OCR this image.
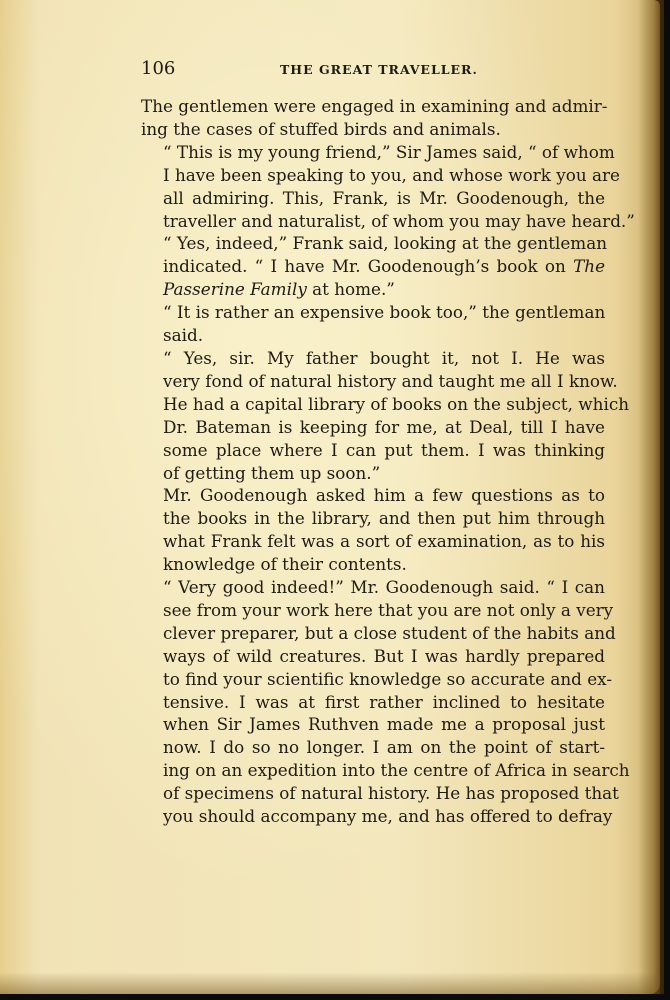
106	THE GREAT TRAVELLER.

The gentlemen were engaged in examining and admir-
ing the cases of stuffed birds and animals.

“ This is my young friend,” Sir James said, “ of whom
I have been speaking to you, and whose work you are
all admiring. This, Frank, is Mr. Goodenough, the
traveller and naturalist, of whom you may have heard.”

“ Yes, indeed,” Frank said, looking at the gentleman
indicated. “ I have Mr. Goodenough’s book on The
Passerine Family at home.”

“ It is rather an expensive book too,” the gentleman
said.

“ Yes, sir. My father bought it, not I. He was
very fond of natural history and taught me all I know.
He had a capital library of books on the subject, which
Dr. Bateman is keeping for me, at Deal, till I have
some place where I can put them. I was thinking
of getting them up soon.”

Mr. Goodenough asked him a few questions as to
the books in the library, and then put him through
what Frank felt was a sort of examination, as to his
knowledge of their contents.

“ Very good indeed!” Mr. Goodenough said. “ I can
see from your work here that you are not only a very
clever preparer, but a close student of the habits and
ways of wild creatures. But I was hardly prepared
to find your scientific knowledge so accurate and ex-
tensive. I was at first rather inclined to hesitate
when Sir James Ruthven made me a proposal just
now. I do so no longer. I am on the point of start-
ing on an expedition into the centre of Africa in search
of specimens of natural history. He has proposed that
you should accompany me, and has offered to defray
